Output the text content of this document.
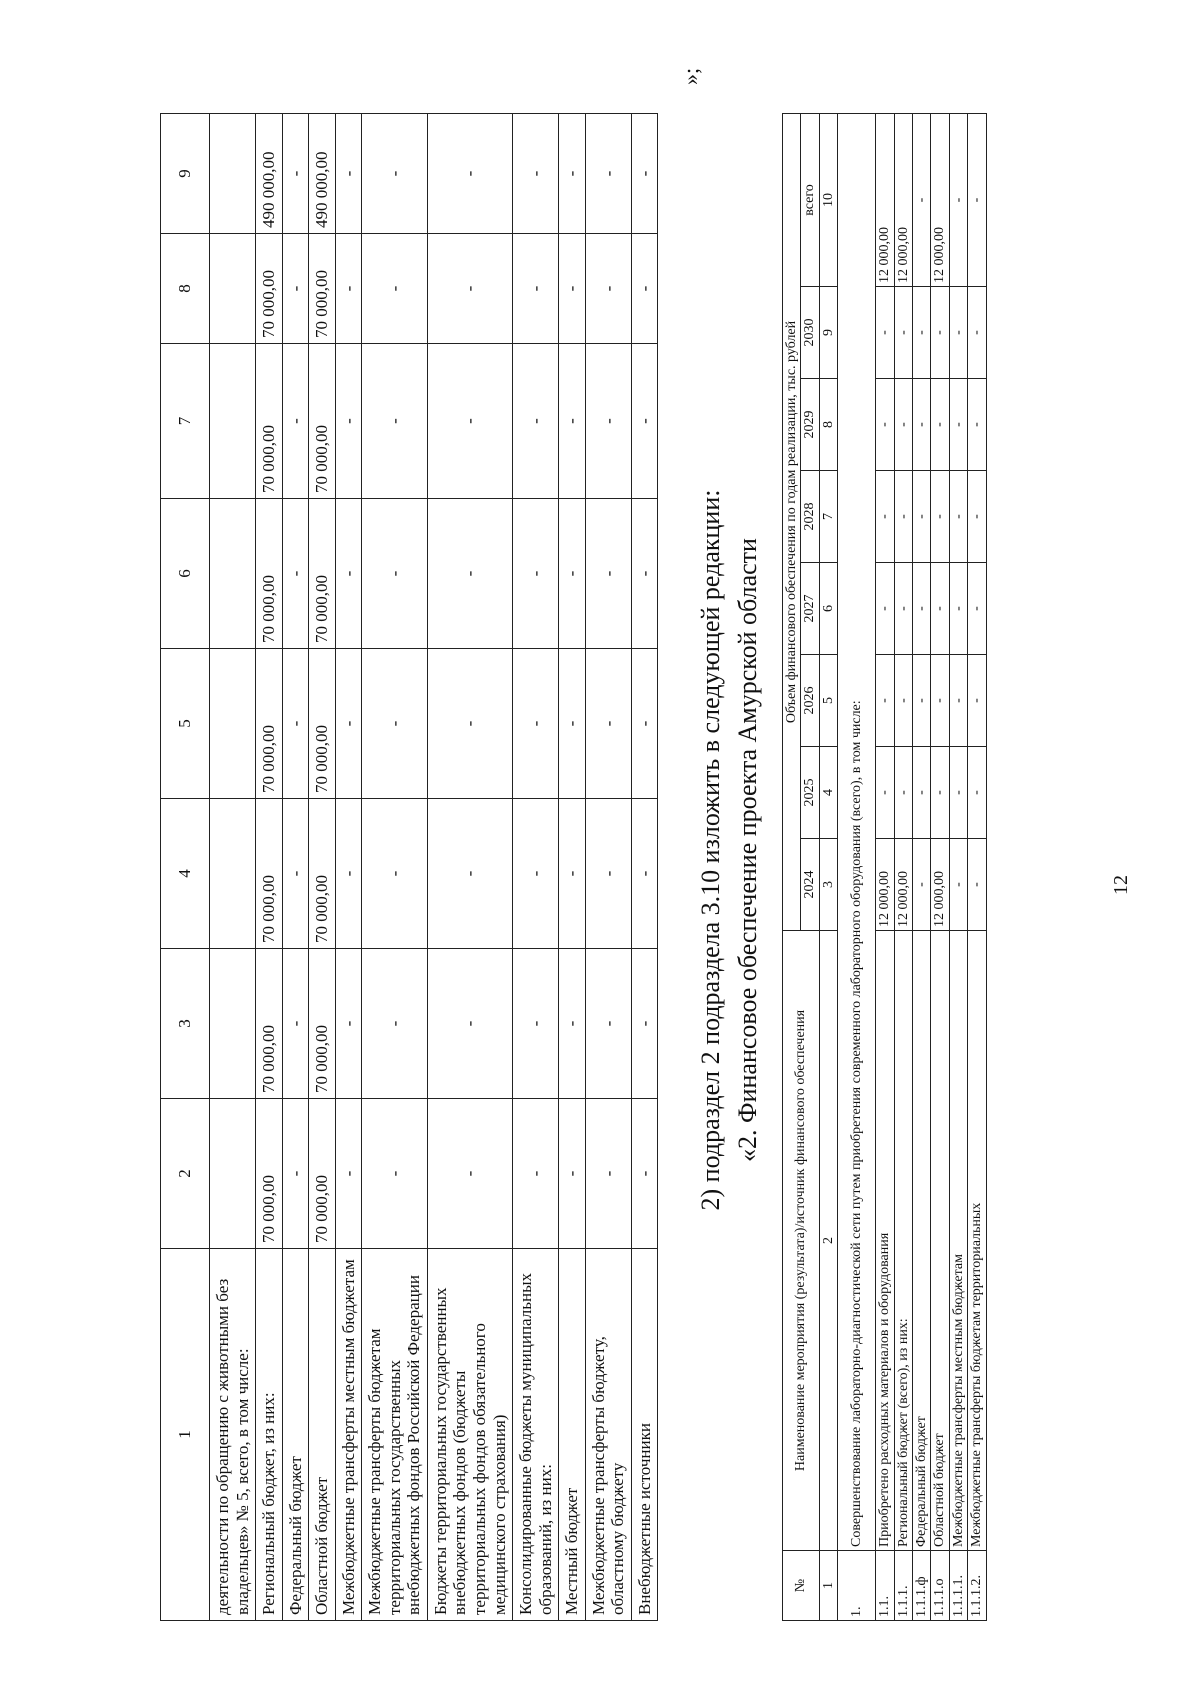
12
1	2	3	4	5	6	7	8	9
деятельности по обращению с животными без владельцев» № 5, всего, в том числе:								
Региональный бюджет, из них:	70 000,00	70 000,00	70 000,00	70 000,00	70 000,00	70 000,00	70 000,00	490 000,00
Федеральный бюджет	-	-	-	-	-	-	-	-
Областной бюджет	70 000,00	70 000,00	70 000,00	70 000,00	70 000,00	70 000,00	70 000,00	490 000,00
Межбюджетные трансферты местным бюджетам	-	-	-	-	-	-	-	-
Межбюджетные трансферты бюджетам территориальных государственных внебюджетных фондов Российской Федерации	-	-	-	-	-	-	-	-
Бюджеты территориальных государственных внебюджетных фондов (бюджеты территориальных фондов обязательного медицинского страхования)	-	-	-	-	-	-	-	-
Консолидированные бюджеты муниципальных образований, из них:	-	-	-	-	-	-	-	-
Местный бюджет	-	-	-	-	-	-	-	-
Межбюджетные трансферты бюджету, областному бюджету	-	-	-	-	-	-	-	-
Внебюджетные источники	-	-	-	-	-	-	-	-
»;
2) подраздел 2 подраздела 3.10 изложить в следующей редакции: «2. Финансовое обеспечение проекта Амурской области
№	Наименование мероприятия (результата)/источник финансового обеспечения	Объем финансового обеспечения по годам реализации, тыс. рублей							
		2024	2025	2026	2027	2028	2029	2030	всего
1	2	3	4	5	6	7	8	9	10
1.	Совершенствование лабораторно-диагностической сети путем приобретения современного лабораторного оборудования (всего), в том числе:								
1.1.	Приобретено расходных материалов и оборудования	12 000,00	-	-	-	-	-	-	12 000,00
1.1.1.	Региональный бюджет (всего), из них:	12 000,00	-	-	-	-	-	-	12 000,00
1.1.1.ф	Федеральный бюджет	-	-	-	-	-	-	-	-
1.1.1.о	Областной бюджет	12 000,00	-	-	-	-	-	-	12 000,00
1.1.1.1.	Межбюджетные трансферты местным бюджетам	-	-	-	-	-	-	-	-
1.1.1.2.	Межбюджетные трансферты бюджетам территориальных	-	-	-	-	-	-	-	-
